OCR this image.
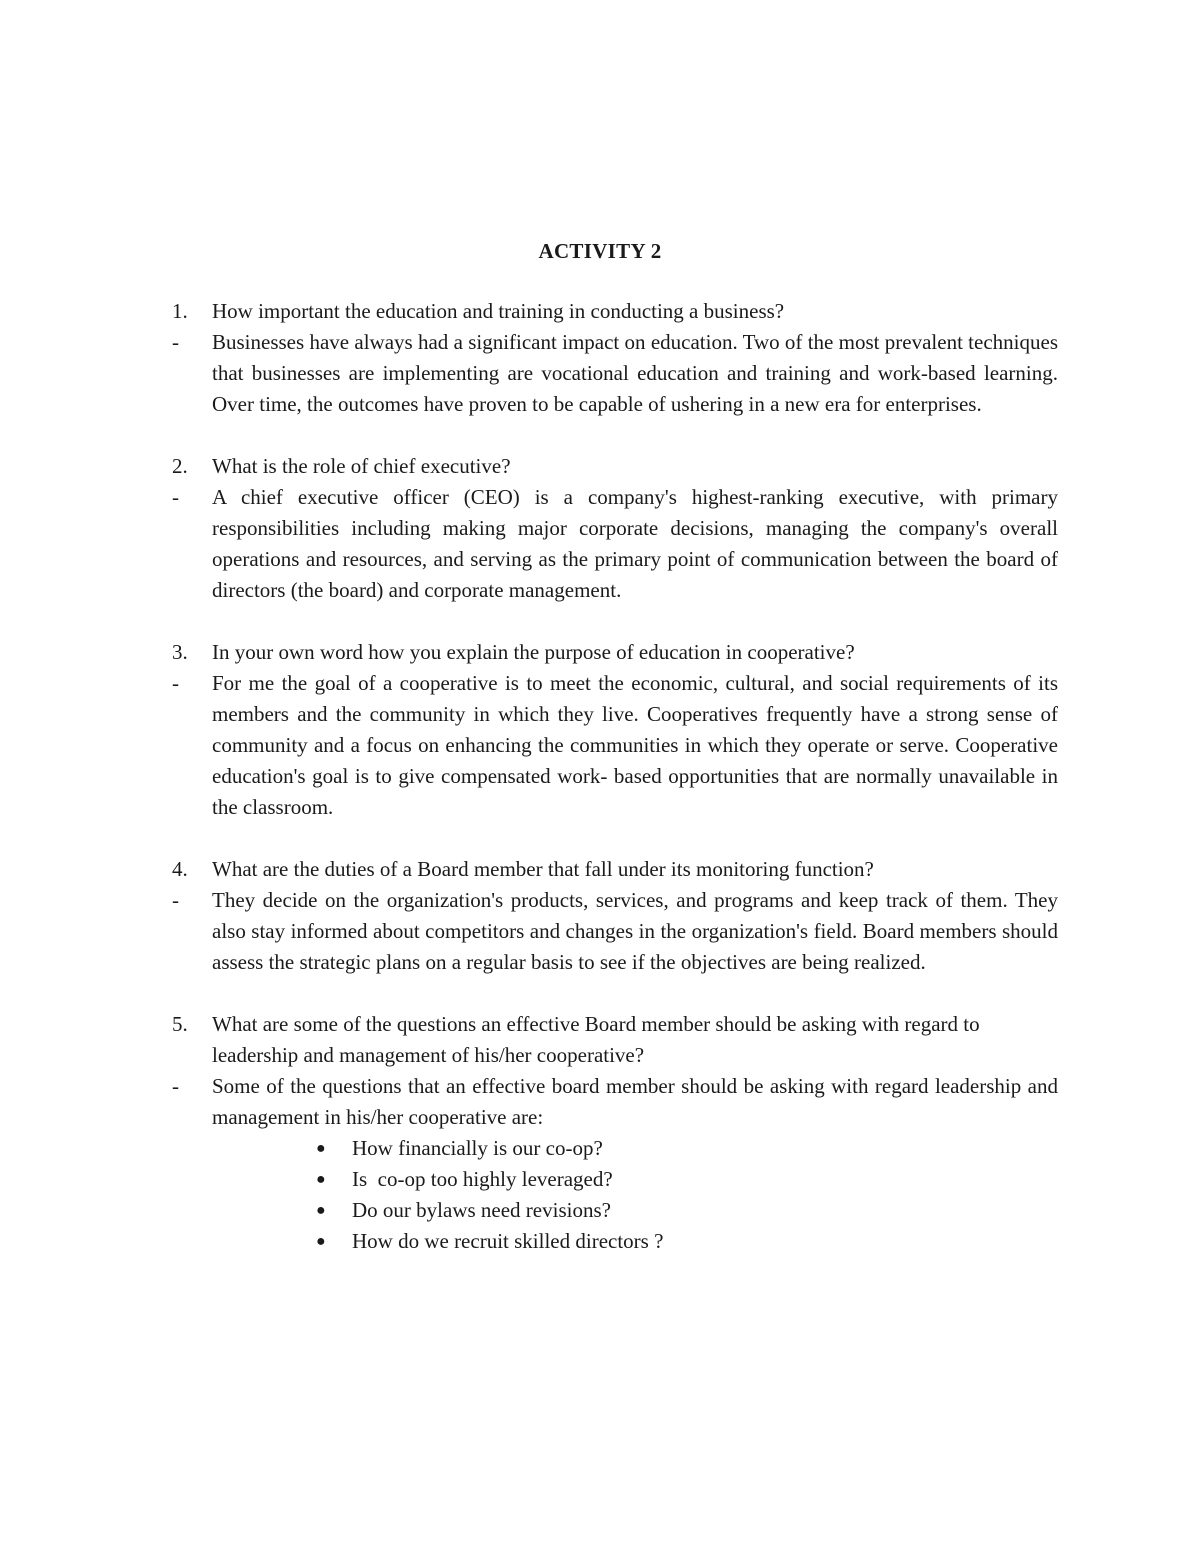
ACTIVITY 2
1.	How important the education and training in conducting a business?
-	Businesses have always had a significant impact on education. Two of the most prevalent techniques that businesses are implementing are vocational education and training and work-based learning. Over time, the outcomes have proven to be capable of ushering in a new era for enterprises.
2.	What is the role of chief executive?
-	A chief executive officer (CEO) is a company's highest-ranking executive, with primary responsibilities including making major corporate decisions, managing the company's overall operations and resources, and serving as the primary point of communication between the board of directors (the board) and corporate management.
3.	In your own word how you explain the purpose of education in cooperative?
-	For me the goal of a cooperative is to meet the economic, cultural, and social requirements of its members and the community in which they live. Cooperatives frequently have a strong sense of community and a focus on enhancing the communities in which they operate or serve. Cooperative education's goal is to give compensated work- based opportunities that are normally unavailable in the classroom.
4.	What are the duties of a Board member that fall under its monitoring function?
-	They decide on the organization's products, services, and programs and keep track of them. They also stay informed about competitors and changes in the organization's field. Board members should assess the strategic plans on a regular basis to see if the objectives are being realized.
5.	What are some of the questions an effective Board member should be asking with regard to leadership and management of his/her cooperative?
-	Some of the questions that an effective board member should be asking with regard leadership and management in his/her cooperative are:
●	How financially is our co-op?
●	Is  co-op too highly leveraged?
●	Do our bylaws need revisions?
●	How do we recruit skilled directors ?
